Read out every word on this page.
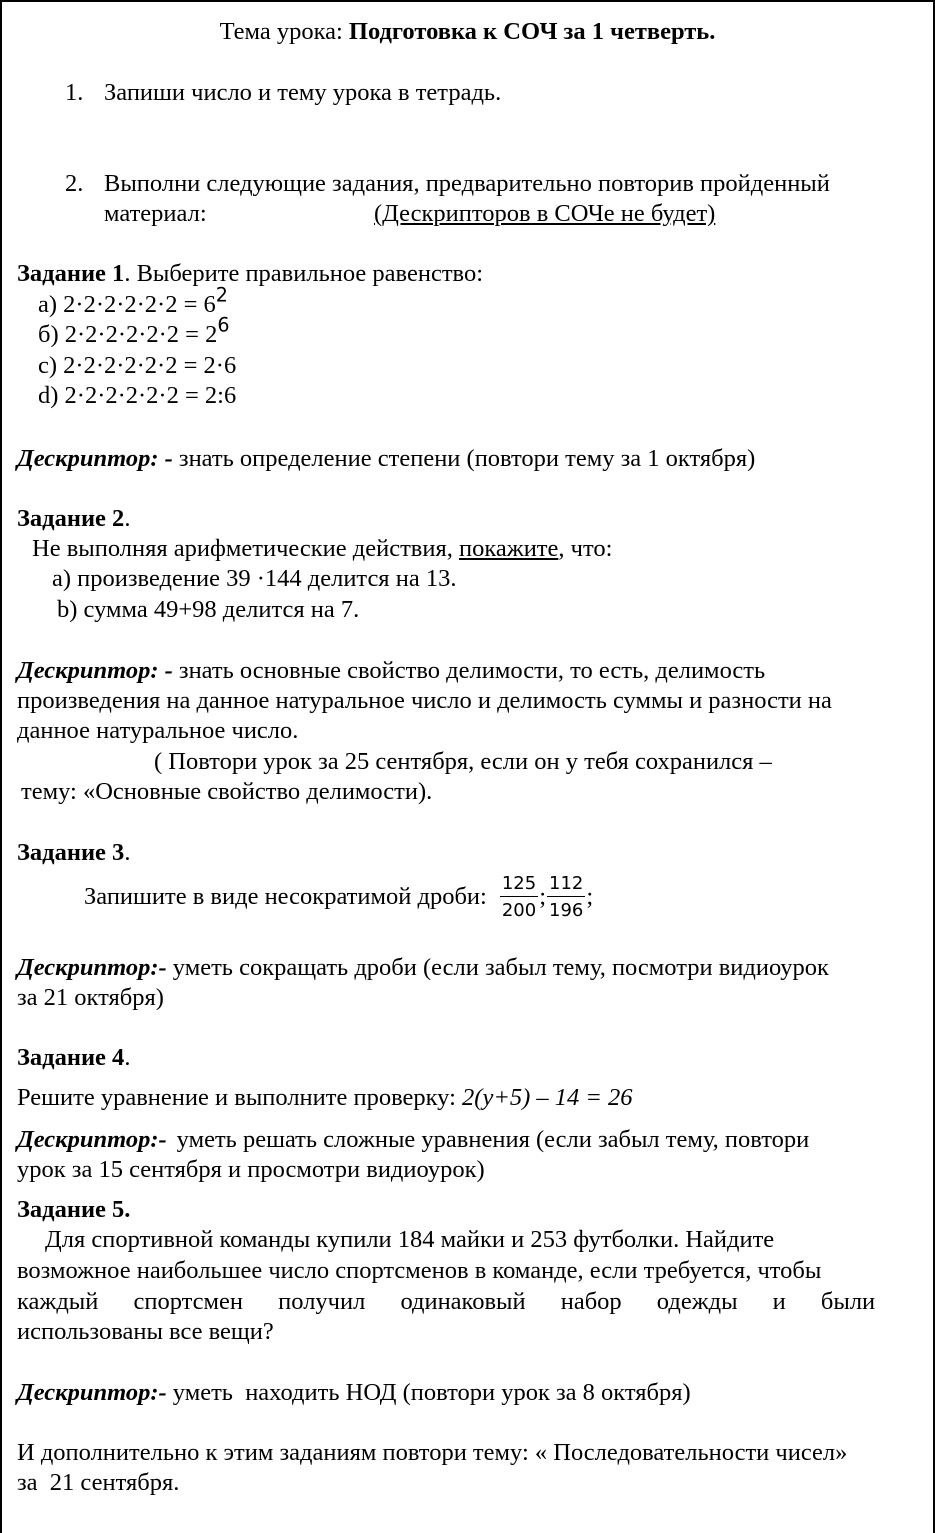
Тема урока: Подготовка к СОЧ за 1 четверть.
1. Запиши число и тему урока в тетрадь.
2. Выполни следующие задания, предварительно повторив пройденный
материал:	(Дескрипторов в СОЧе не будет)
Задание 1. Выберите правильное равенство:
а) $2\cdot 2\cdot 2\cdot 2\cdot 2\cdot 2 = 6^2$
б) $2\cdot 2\cdot 2\cdot 2\cdot 2\cdot 2 = 2^6$
с) 2·2·2·2·2·2 = 2·6
d) 2·2·2·2·2·2 = 2:6
Дескриптор: - знать определение степени (повтори тему за 1 октября)
Задание 2.
Не выполняя арифметические действия, покажите, что:
а) произведение 39 ·144 делится на 13.
b) сумма 49+98 делится на 7.
Дескриптор: - знать основные свойство делимости, то есть, делимость
произведения на данное натуральное число и делимость суммы и разности на
данное натуральное число.
( Повтори урок за 25 сентября, если он у тебя сохранился –
тему: «Основные свойство делимости).
Задание 3.
Запишите в виде несократимой дроби: $\frac{125}{200}$ ; $\frac{112}{196}$ ;
Дескриптор:- уметь сокращать дроби (если забыл тему, посмотри видиоурок
за 21 октября)
Задание 4.
Решите уравнение и выполните проверку: 2(y+5) – 14 = 26
Дескриптор:- уметь решать сложные уравнения (если забыл тему, повтори
урок за 15 сентября и просмотри видиоурок)
Задание 5.
Для спортивной команды купили 184 майки и 253 футболки. Найдите
возможное наибольшее число спортсменов в команде, если требуется, чтобы
каждый спортсмен получил одинаковый набор одежды и были
использованы все вещи?
Дескриптор:- уметь  находить НОД (повтори урок за 8 октября)
И дополнительно к этим заданиям повтори тему: « Последовательности чисел»
за  21 сентября.
